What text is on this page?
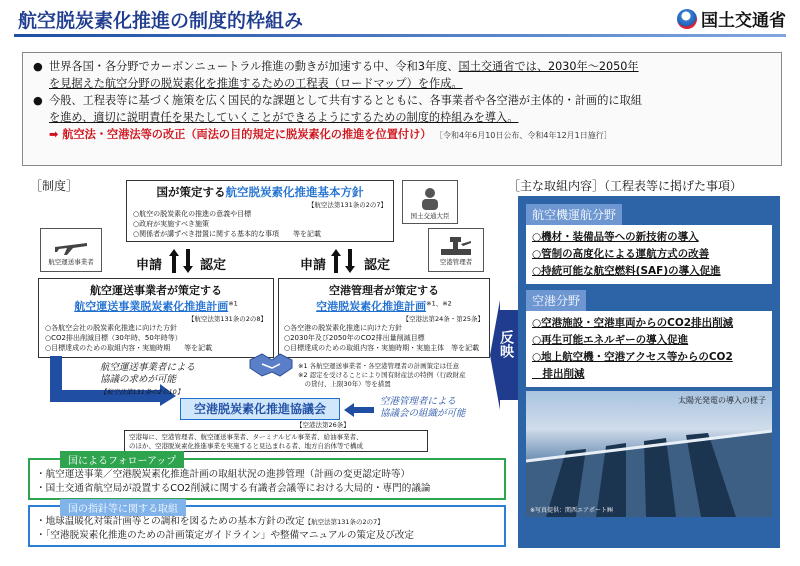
航空脱炭素化推進の制度的枠組み	国土交通省
● 世界各国・各分野でカーボンニュートラル推進の動きが加速する中、令和3年度、国土交通省では、2030年～2050年
を見据えた航空分野の脱炭素化を推進するための工程表（ロードマップ）を作成。
● 今般、工程表等に基づく施策を広く国民的な課題として共有するとともに、各事業者や各空港が主体的・計画的に取組
を進め、適切に説明責任を果たしていくことができるようにするための制度的枠組みを導入。
➡ 航空法・空港法等の改正（両法の目的規定に脱炭素化の推進を位置付け） ［令和4年6月10日公布、令和4年12月1日施行］
［制度］	［主な取組内容］（工程表等に掲げた事項）
国が策定する航空脱炭素化推進基本方針
【航空法第131条の2の7】
○航空の脱炭素化の推進の意義や目標
○政府が実施すべき施策
○関係者が講ずべき措置に関する基本的な事項　　等を記載
国土交通大臣
航空運送事業者	空港管理者
申請	認定	申請	認定
航空運送事業者が策定する
航空運送事業脱炭素化推進計画$^{※1}$
【航空法第131条の2の8】
○各航空会社の脱炭素化推進に向けた方針
○CO2排出削減目標（30年時、50年時等）
○目標達成のための取組内容・実施時期　　等を記載
空港管理者が策定する
空港脱炭素化推進計画$^{※1、※2}$
【空港法第24条・第25条】
○各空港の脱炭素化推進に向けた方針
○2030年及び2050年のCO2排出量削減目標
○目標達成のための取組内容・実施時期・実施主体　等を記載
※1 各航空運送事業者・各空港管理者の計画策定は任意
※2 認定を受けることにより国有財産法の特例（行政財産
　の貸付、上限30年）等を措置
航空運送事業者による
協議の求めが可能
【航空法第131条の2の10】
空港脱炭素化推進協議会
【空港法第26条】
空港管理者による
協議会の組織が可能
空港毎に、空港管理者、航空運送事業者、ターミナルビル事業者、給油事業者、
のほか、空港脱炭素化推進事業を実施すると見込まれる者、地方自治体等で構成
反映
航空機運航分野
○機材・装備品等への新技術の導入
○管制の高度化による運航方式の改善
○持続可能な航空燃料(SAF)の導入促進
空港分野
○空港施設・空港車両からのCO2排出削減
○再生可能エネルギーの導入促進
○地上航空機・空港アクセス等からのCO2
　排出削減
太陽光発電の導入の様子
※写真提供：関西エアポート㈱
・航空運送事業／空港脱炭素化推進計画の取組状況の進捗管理（計画の変更認定時等）
・国土交通省航空局が設置するCO2削減に関する有識者会議等における大局的・専門的議論
国によるフォローアップ
・地球温暖化対策計画等との調和を図るための基本方針の改定【航空法第131条の2の7】
・「空港脱炭素化推進のための計画策定ガイドライン」や整備マニュアルの策定及び改定
国の指針等に関する取組
